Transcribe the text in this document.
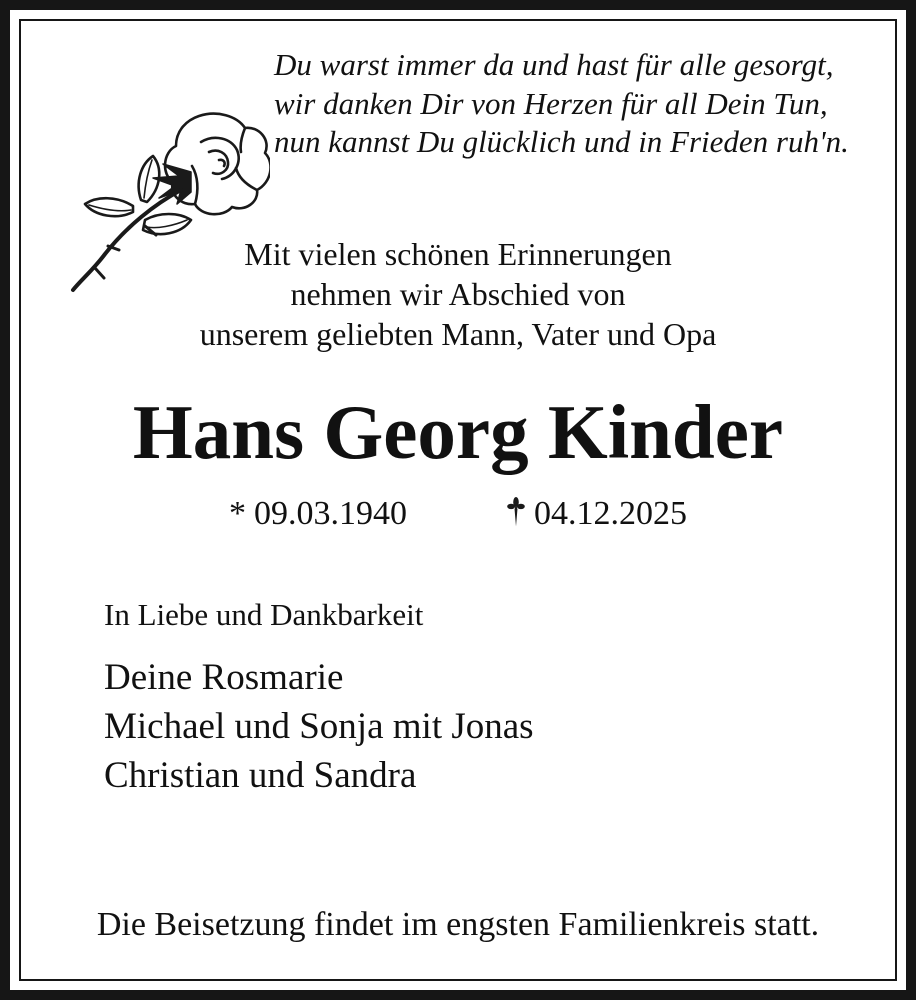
Du warst immer da und hast für alle gesorgt,
wir danken Dir von Herzen für all Dein Tun,
nun kannst Du glücklich und in Frieden ruh'n.
Mit vielen schönen Erinnerungen
nehmen wir Abschied von
unserem geliebten Mann, Vater und Opa
Hans Georg Kinder
* 09.03.1940	04.12.2025
In Liebe und Dankbarkeit
Deine Rosmarie
Michael und Sonja mit Jonas
Christian und Sandra
Die Beisetzung findet im engsten Familienkreis statt.
